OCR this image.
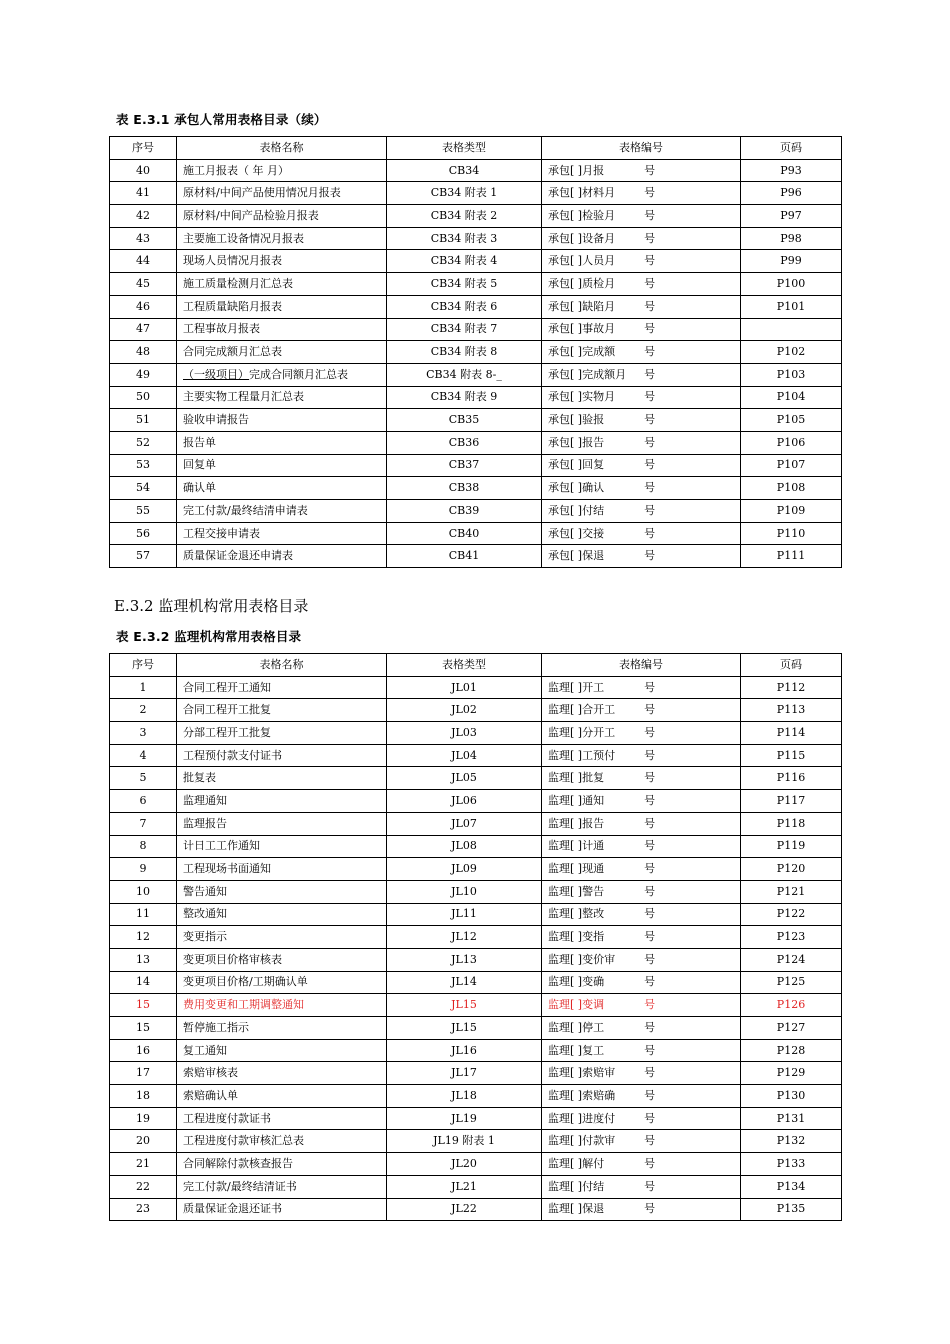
表 E.3.1 承包人常用表格目录（续）
序号	表格名称	表格类型	表格编号	页码
40	施工月报表（ 年 月）	CB34	承包[ ] 月报 号	P93
41	原材料/中间产品使用情况月报表	CB34 附表 1	承包[ ] 材料月 号	P96
42	原材料/中间产品检验月报表	CB34 附表 2	承包[ ] 检验月 号	P97
43	主要施工设备情况月报表	CB34 附表 3	承包[ ] 设备月 号	P98
44	现场人员情况月报表	CB34 附表 4	承包[ ] 人员月 号	P99
45	施工质量检测月汇总表	CB34 附表 5	承包[ ] 质检月 号	P100
46	工程质量缺陷月报表	CB34 附表 6	承包[ ] 缺陷月 号	P101
47	工程事故月报表	CB34 附表 7	承包[ ] 事故月 号	

48	合同完成额月汇总表	CB34 附表 8	承包[ ] 完成额 号	P102
49	（一级项目）完成合同额月汇总表	CB34 附表 8-_	承包[ ] 完成额月 号	P103
50	主要实物工程量月汇总表	CB34 附表 9	承包[ ] 实物月 号	P104
51	验收申请报告	CB35	承包[ ] 验报 号	P105
52	报告单	CB36	承包[ ] 报告 号	P106
53	回复单	CB37	承包[ ] 回复 号	P107
54	确认单	CB38	承包[ ] 确认 号	P108
55	完工付款/最终结清申请表	CB39	承包[ ] 付结 号	P109
56	工程交接申请表	CB40	承包[ ] 交接 号	P110
57	质量保证金退还申请表	CB41	承包[ ] 保退 号	P111
E.3.2 监理机构常用表格目录
表 E.3.2 监理机构常用表格目录
序号	表格名称	表格类型	表格编号	页码
1	合同工程开工通知	JL01	监理[ ] 开工 号	P112
2	合同工程开工批复	JL02	监理[ ] 合开工 号	P113
3	分部工程开工批复	JL03	监理[ ] 分开工 号	P114
4	工程预付款支付证书	JL04	监理[ ] 工预付 号	P115
5	批复表	JL05	监理[ ] 批复 号	P116
6	监理通知	JL06	监理[ ] 通知 号	P117
7	监理报告	JL07	监理[ ] 报告 号	P118
8	计日工工作通知	JL08	监理[ ] 计通 号	P119
9	工程现场书面通知	JL09	监理[ ] 现通 号	P120
10	警告通知	JL10	监理[ ] 警告 号	P121
11	整改通知	JL11	监理[ ] 整改 号	P122
12	变更指示	JL12	监理[ ] 变指 号	P123
13	变更项目价格审核表	JL13	监理[ ] 变价审 号	P124
14	变更项目价格/工期确认单	JL14	监理[ ] 变确 号	P125
15	费用变更和工期调整通知	JL15	监理[ ] 变调 号	P126
15	暂停施工指示	JL15	监理[ ] 停工 号	P127
16	复工通知	JL16	监理[ ] 复工 号	P128
17	索赔审核表	JL17	监理[ ] 索赔审 号	P129
18	索赔确认单	JL18	监理[ ] 索赔确 号	P130
19	工程进度付款证书	JL19	监理[ ] 进度付 号	P131
20	工程进度付款审核汇总表	JL19 附表 1	监理[ ] 付款审 号	P132
21	合同解除付款核查报告	JL20	监理[ ] 解付 号	P133
22	完工付款/最终结清证书	JL21	监理[ ] 付结 号	P134
23	质量保证金退还证书	JL22	监理[ ] 保退 号	P135
